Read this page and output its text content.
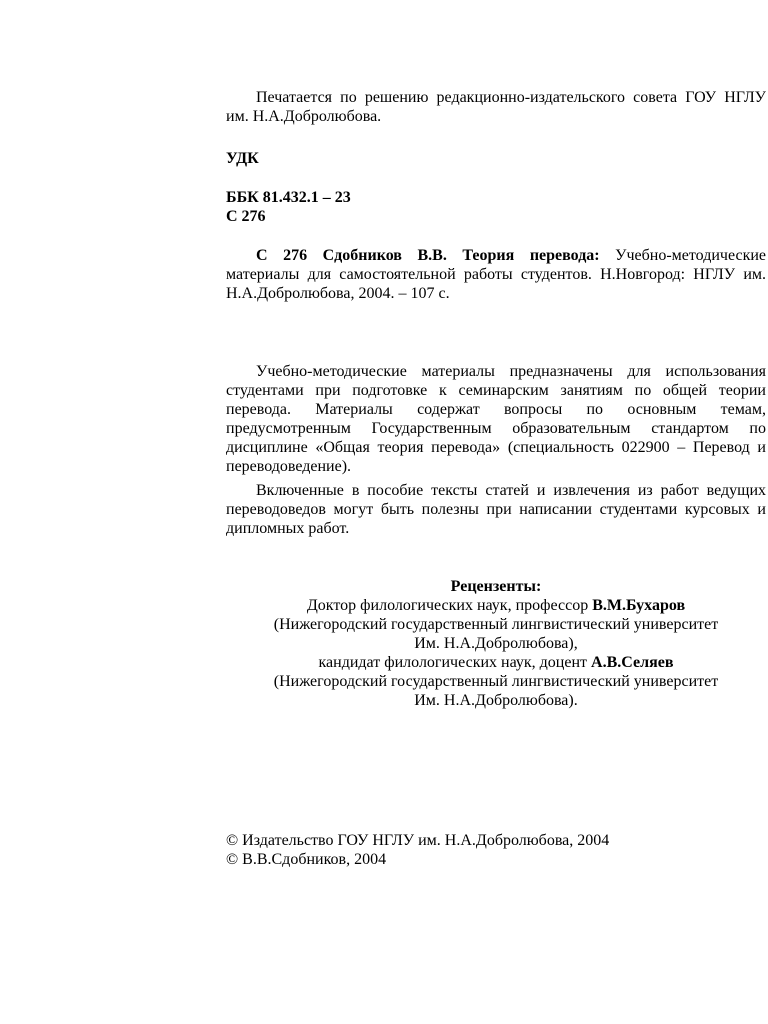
Печатается по решению редакционно-издательского совета ГОУ НГЛУ им. Н.А.Добролюбова.

УДК

ББК 81.432.1 – 23

С 276

С 276 Сдобников В.В. Теория перевода: Учебно-методические материалы для самостоятельной работы студентов. Н.Новгород: НГЛУ им. Н.А.Добролюбова, 2004. – 107 с.

Учебно-методические материалы предназначены для использования студентами при подготовке к семинарским занятиям по общей теории перевода. Материалы содержат вопросы по основным темам, предусмотренным Государственным образовательным стандартом по дисциплине «Общая теория перевода» (специальность 022900 – Перевод и переводоведение).

Включенные в пособие тексты статей и извлечения из работ ведущих переводоведов могут быть полезны при написании студентами курсовых и дипломных работ.

Рецензенты:
Доктор филологических наук, профессор В.М.Бухаров
(Нижегородский государственный лингвистический университет
Им. Н.А.Добролюбова),
кандидат филологических наук, доцент А.В.Селяев
(Нижегородский государственный лингвистический университет
Им. Н.А.Добролюбова).
© Издательство ГОУ НГЛУ им. Н.А.Добролюбова, 2004
© В.В.Сдобников, 2004
